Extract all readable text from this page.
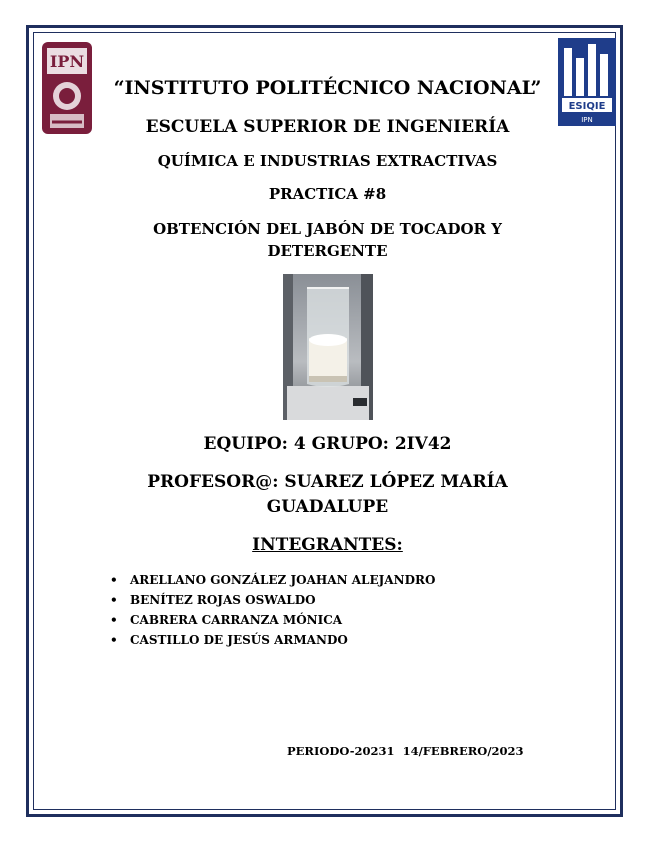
IPN
ESIQIE
IPN
“INSTITUTO POLITÉCNICO NACIONAL”
ESCUELA SUPERIOR DE INGENIERÍA
QUÍMICA E INDUSTRIAS EXTRACTIVAS
PRACTICA #8
OBTENCIÓN DEL JABÓN DE TOCADOR Y DETERGENTE
EQUIPO: 4 GRUPO: 2IV42
PROFESOR@: SUAREZ LÓPEZ MARÍA GUADALUPE
INTEGRANTES:
• ARELLANO GONZÁLEZ JOAHAN ALEJANDRO
• BENÍTEZ ROJAS OSWALDO
• CABRERA CARRANZA MÓNICA
• CASTILLO DE JESÚS ARMANDO
PERIODO-20231 14/FEBRERO/2023
